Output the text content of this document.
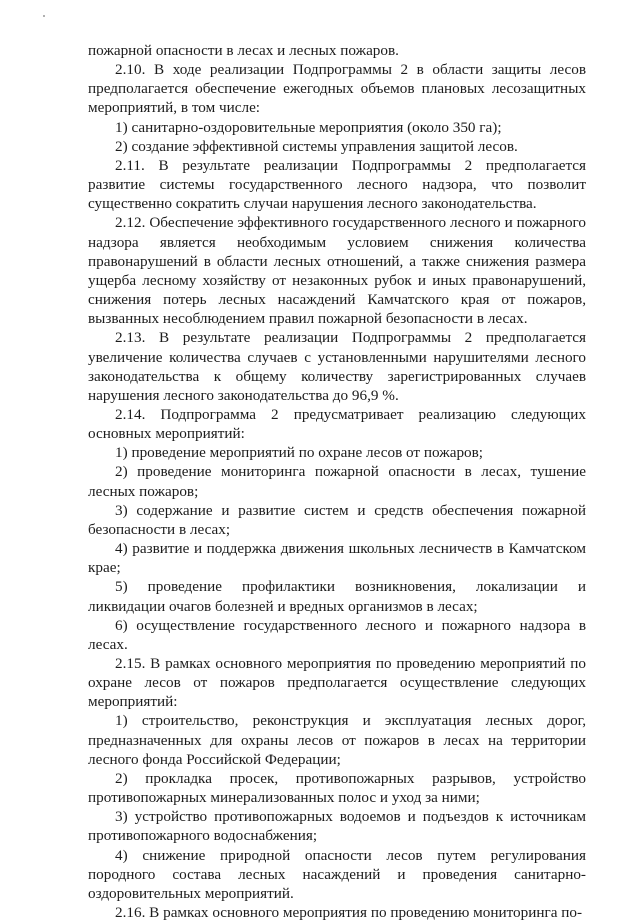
пожарной опасности в лесах и лесных пожаров.

2.10. В ходе реализации Подпрограммы 2 в области защиты лесов предполагается обеспечение ежегодных объемов плановых лесозащитных мероприятий, в том числе:

1) санитарно-оздоровительные мероприятия (около 350 га);

2) создание эффективной системы управления защитой лесов.

2.11. В результате реализации Подпрограммы 2 предполагается развитие системы государственного лесного надзора, что позволит существенно сократить случаи нарушения лесного законодательства.

2.12. Обеспечение эффективного государственного лесного и пожарного надзора является необходимым условием снижения количества правонарушений в области лесных отношений, а также снижения размера ущерба лесному хозяйству от незаконных рубок и иных правонарушений, снижения потерь лесных насаждений Камчатского края от пожаров, вызванных несоблюдением правил пожарной безопасности в лесах.

2.13. В результате реализации Подпрограммы 2 предполагается увеличение количества случаев с установленными нарушителями лесного законодательства к общему количеству зарегистрированных случаев нарушения лесного законодательства до 96,9 %.

2.14. Подпрограмма 2 предусматривает реализацию следующих основных мероприятий:

1) проведение мероприятий по охране лесов от пожаров;

2) проведение мониторинга пожарной опасности в лесах, тушение лесных пожаров;

3) содержание и развитие систем и средств обеспечения пожарной безопасности в лесах;

4) развитие и поддержка движения школьных лесничеств в Камчатском крае;

5) проведение профилактики возникновения, локализации и ликвидации очагов болезней и вредных организмов в лесах;

6) осуществление государственного лесного и пожарного надзора в лесах.

2.15. В рамках основного мероприятия по проведению мероприятий по охране лесов от пожаров предполагается осуществление следующих мероприятий:

1) строительство, реконструкция и эксплуатация лесных дорог, предназначенных для охраны лесов от пожаров в лесах на территории лесного фонда Российской Федерации;

2) прокладка просек, противопожарных разрывов, устройство противопожарных минерализованных полос и уход за ними;

3) устройство противопожарных водоемов и подъездов к источникам противопожарного водоснабжения;

4) снижение природной опасности лесов путем регулирования породного состава лесных насаждений и проведения санитарно-оздоровительных мероприятий.

2.16. В рамках основного мероприятия по проведению мониторинга по-
